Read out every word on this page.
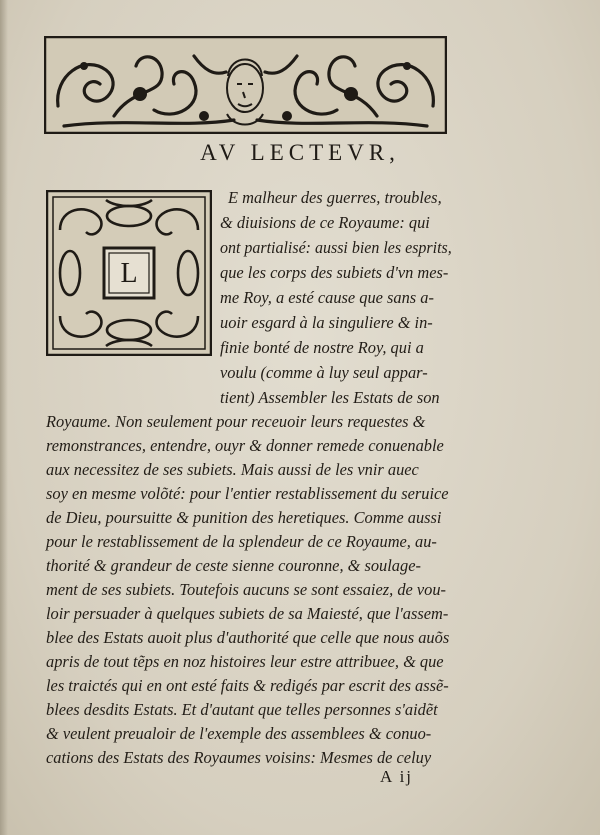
AV LECTEVR,
L
E malheur des guerres, troubles,
& diuisions de ce Royaume: qui
ont partialisé: aussi bien les esprits,
que les corps des subiets d'vn mes-
me Roy, a esté cause que sans a-
uoir esgard à la singuliere & in-
finie bonté de nostre Roy, qui a
voulu (comme à luy seul appar-
tient) Assembler les Estats de son
Royaume. Non seulement pour receuoir leurs requestes &
remonstrances, entendre, ouyr & donner remede conuenable
aux necessitez de ses subiets. Mais aussi de les vnir auec
soy en mesme volõté: pour l'entier restablissement du seruice
de Dieu, poursuitte & punition des heretiques. Comme aussi
pour le restablissement de la splendeur de ce Royaume, au-
thorité & grandeur de ceste sienne couronne, & soulage-
ment de ses subiets. Toutefois aucuns se sont essaiez, de vou-
loir persuader à quelques subiets de sa Maiesté, que l'assem-
blee des Estats auoit plus d'authorité que celle que nous auõs
apris de tout tẽps en noz histoires leur estre attribuee, & que
les traictés qui en ont esté faits & redigés par escrit des assẽ-
blees desdits Estats. Et d'autant que telles personnes s'aidẽt
& veulent preualoir de l'exemple des assemblees & conuo-
cations des Estats des Royaumes voisins: Mesmes de celuy
A ij
